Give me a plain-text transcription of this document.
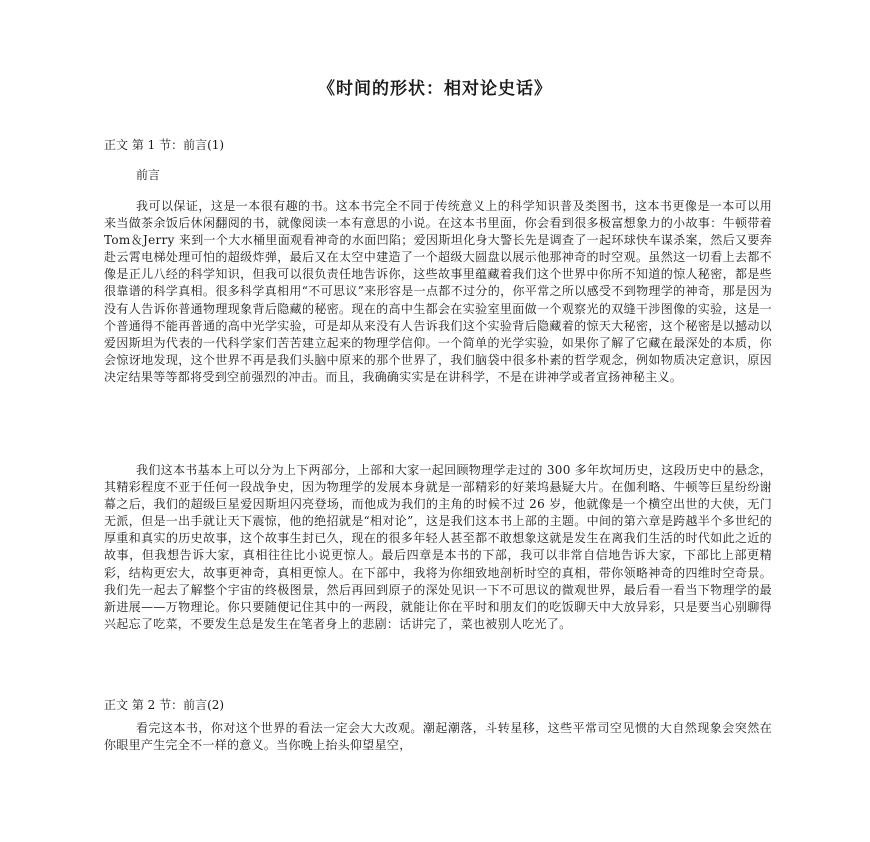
《时间的形状：相对论史话》
正文 第 1 节：前言(1)
前言

我可以保证，这是一本很有趣的书。这本书完全不同于传统意义上的科学知识普及类图书，这本书更像是一本可以用来当做茶余饭后休闲翻阅的书，就像阅读一本有意思的小说。在这本书里面，你会看到很多极富想象力的小故事：牛顿带着 Tom＆Jerry 来到一个大水桶里面观看神奇的水面凹陷；爱因斯坦化身大警长先是调查了一起环球快车谋杀案，然后又要奔赴云霄电梯处理可怕的超级炸弹，最后又在太空中建造了一个超级大圆盘以展示他那神奇的时空观。虽然这一切看上去都不像是正儿八经的科学知识，但我可以很负责任地告诉你，这些故事里蕴藏着我们这个世界中你所不知道的惊人秘密，都是些很靠谱的科学真相。很多科学真相用“不可思议”来形容是一点都不过分的，你平常之所以感受不到物理学的神奇，那是因为没有人告诉你普通物理现象背后隐藏的秘密。现在的高中生都会在实验室里面做一个观察光的双缝干涉图像的实验，这是一个普通得不能再普通的高中光学实验，可是却从来没有人告诉我们这个实验背后隐藏着的惊天大秘密，这个秘密是以撼动以爱因斯坦为代表的一代科学家们苦苦建立起来的物理学信仰。一个简单的光学实验，如果你了解了它藏在最深处的本质，你会惊讶地发现，这个世界不再是我们头脑中原来的那个世界了，我们脑袋中很多朴素的哲学观念，例如物质决定意识，原因决定结果等等都将受到空前强烈的冲击。而且，我确确实实是在讲科学，不是在讲神学或者宣扬神秘主义。

我们这本书基本上可以分为上下两部分，上部和大家一起回顾物理学走过的 300 多年坎坷历史，这段历史中的悬念，其精彩程度不亚于任何一段战争史，因为物理学的发展本身就是一部精彩的好莱坞悬疑大片。在伽利略、牛顿等巨星纷纷谢幕之后，我们的超级巨星爱因斯坦闪亮登场，而他成为我们的主角的时候不过 26 岁，他就像是一个横空出世的大侠，无门无派，但是一出手就让天下震惊，他的绝招就是“相对论”，这是我们这本书上部的主题。中间的第六章是跨越半个多世纪的厚重和真实的历史故事，这个故事生封已久，现在的很多年轻人甚至都不敢想象这就是发生在离我们生活的时代如此之近的故事，但我想告诉大家，真相往往比小说更惊人。最后四章是本书的下部，我可以非常自信地告诉大家，下部比上部更精彩，结构更宏大，故事更神奇，真相更惊人。在下部中，我将为你细致地剖析时空的真相，带你领略神奇的四维时空奇景。我们先一起去了解整个宇宙的终极图景，然后再回到原子的深处见识一下不可思议的微观世界，最后看一看当下物理学的最新进展——万物理论。你只要随便记住其中的一两段，就能让你在平时和朋友们的吃饭聊天中大放异彩，只是要当心别聊得兴起忘了吃菜，不要发生总是发生在笔者身上的悲剧：话讲完了，菜也被别人吃光了。

正文 第 2 节：前言(2)

看完这本书，你对这个世界的看法一定会大大改观。潮起潮落，斗转星移，这些平常司空见惯的大自然现象会突然在你眼里产生完全不一样的意义。当你晚上抬头仰望星空，
